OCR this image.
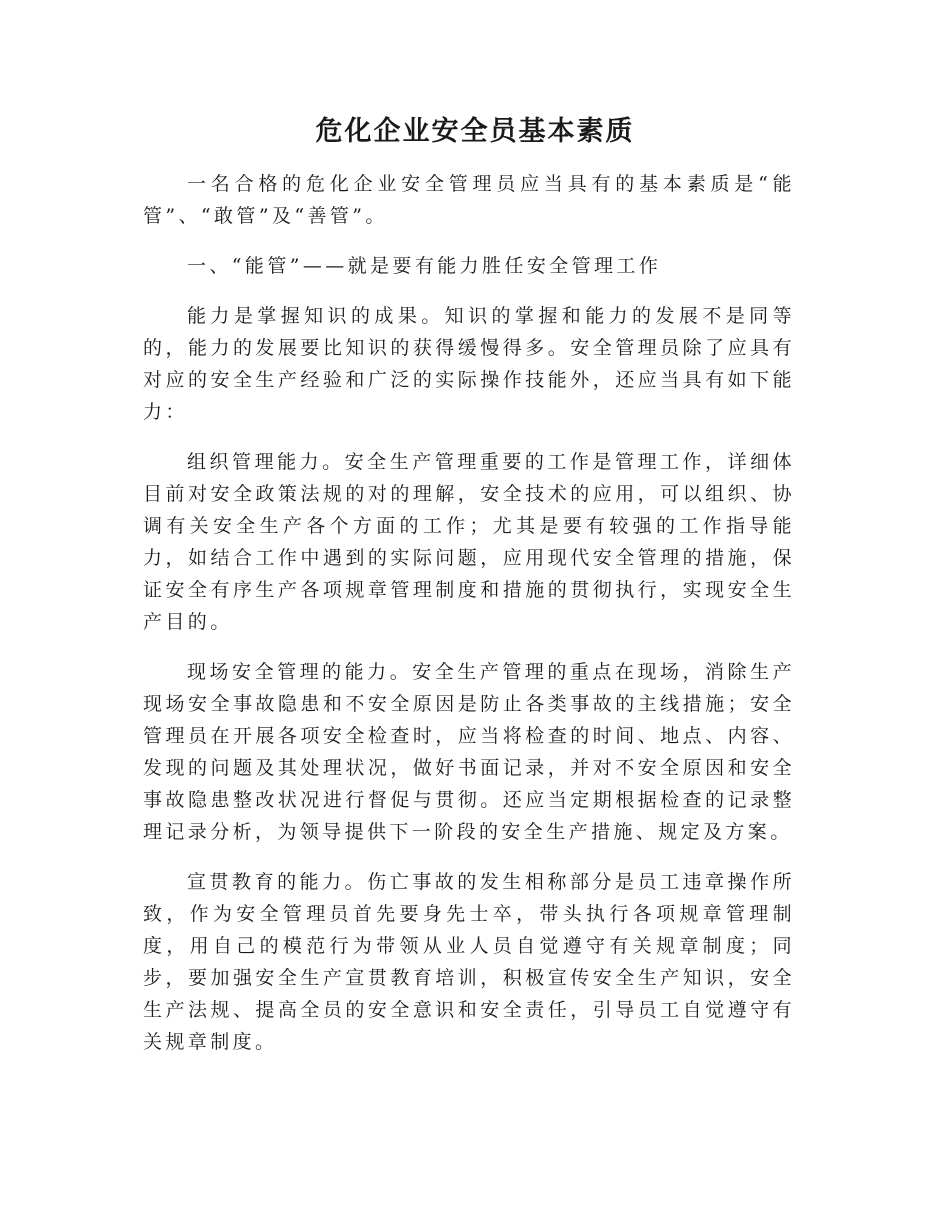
危化企业安全员基本素质

一名合格的危化企业安全管理员应当具有的基本素质是“能管”、“敢管”及“善管”。

一、“能管”——就是要有能力胜任安全管理工作

能力是掌握知识的成果。知识的掌握和能力的发展不是同等的，能力的发展要比知识的获得缓慢得多。安全管理员除了应具有对应的安全生产经验和广泛的实际操作技能外，还应当具有如下能力：

组织管理能力。安全生产管理重要的工作是管理工作，详细体目前对安全政策法规的对的理解，安全技术的应用，可以组织、协调有关安全生产各个方面的工作；尤其是要有较强的工作指导能力，如结合工作中遇到的实际问题，应用现代安全管理的措施，保证安全有序生产各项规章管理制度和措施的贯彻执行，实现安全生产目的。

现场安全管理的能力。安全生产管理的重点在现场，消除生产现场安全事故隐患和不安全原因是防止各类事故的主线措施；安全管理员在开展各项安全检查时，应当将检查的时间、地点、内容、发现的问题及其处理状况，做好书面记录，并对不安全原因和安全事故隐患整改状况进行督促与贯彻。还应当定期根据检查的记录整理记录分析，为领导提供下一阶段的安全生产措施、规定及方案。

宣贯教育的能力。伤亡事故的发生相称部分是员工违章操作所致，作为安全管理员首先要身先士卒，带头执行各项规章管理制度，用自己的模范行为带领从业人员自觉遵守有关规章制度；同步，要加强安全生产宣贯教育培训，积极宣传安全生产知识，安全生产法规、提高全员的安全意识和安全责任，引导员工自觉遵守有关规章制度。
